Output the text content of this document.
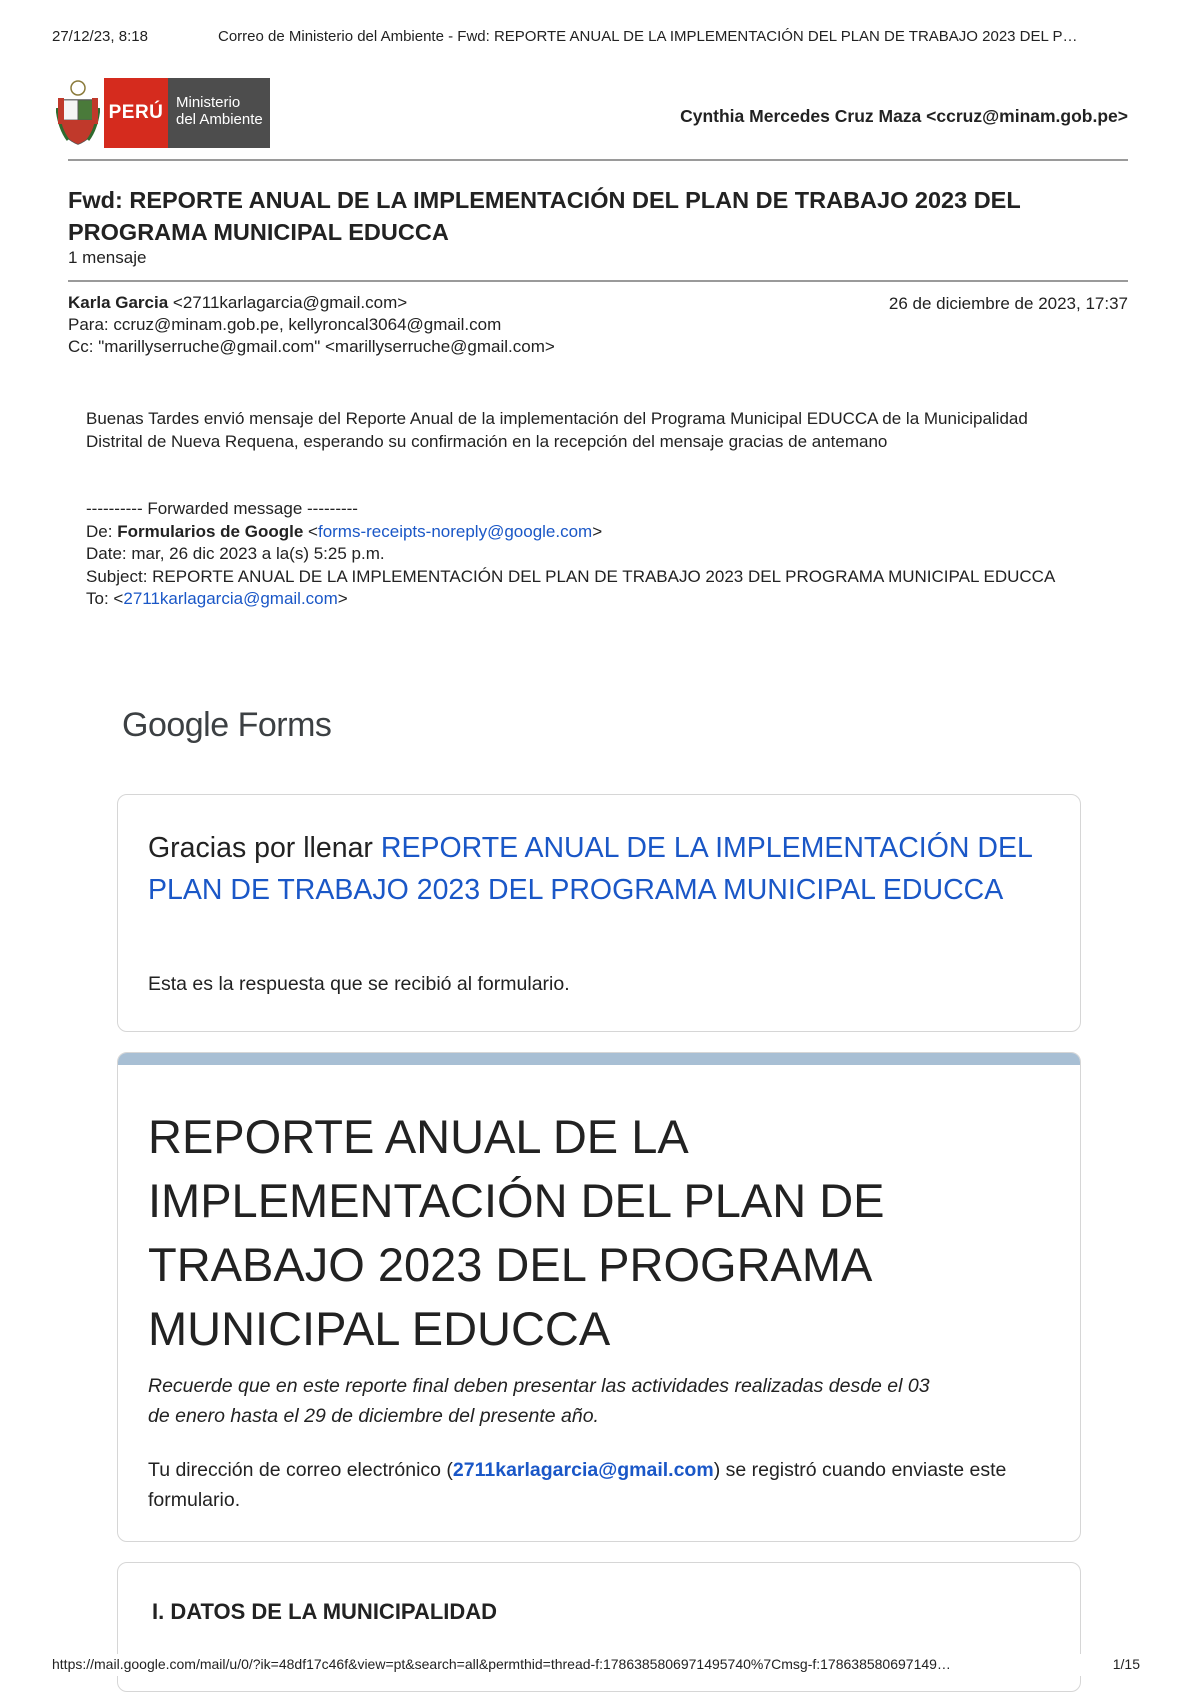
27/12/23, 8:18	Correo de Ministerio del Ambiente - Fwd: REPORTE ANUAL DE LA IMPLEMENTACIÓN DEL PLAN DE TRABAJO 2023 DEL P…
PERÚ Ministerio
del Ambiente	Cynthia Mercedes Cruz Maza <ccruz@minam.gob.pe>
Fwd: REPORTE ANUAL DE LA IMPLEMENTACIÓN DEL PLAN DE TRABAJO 2023 DEL PROGRAMA MUNICIPAL EDUCCA
1 mensaje
Karla Garcia <2711karlagarcia@gmail.com>
Para: ccruz@minam.gob.pe, kellyroncal3064@gmail.com
Cc: "marillyserruche@gmail.com" <marillyserruche@gmail.com>
26 de diciembre de 2023, 17:37
Buenas Tardes envió mensaje del Reporte Anual de la implementación del Programa Municipal EDUCCA de la Municipalidad Distrital de Nueva Requena, esperando su confirmación en la recepción del mensaje gracias de antemano
---------- Forwarded message ---------
De: Formularios de Google <forms-receipts-noreply@google.com>
Date: mar, 26 dic 2023 a la(s) 5:25 p.m.
Subject: REPORTE ANUAL DE LA IMPLEMENTACIÓN DEL PLAN DE TRABAJO 2023 DEL PROGRAMA MUNICIPAL EDUCCA
To: <2711karlagarcia@gmail.com>
Google Forms
Gracias por llenar REPORTE ANUAL DE LA IMPLEMENTACIÓN DEL PLAN DE TRABAJO 2023 DEL PROGRAMA MUNICIPAL EDUCCA
Esta es la respuesta que se recibió al formulario.
REPORTE ANUAL DE LA IMPLEMENTACIÓN DEL PLAN DE TRABAJO 2023 DEL PROGRAMA MUNICIPAL EDUCCA
Recuerde que en este reporte final deben presentar las actividades realizadas desde el 03 de enero hasta el 29 de diciembre del presente año.
Tu dirección de correo electrónico (2711karlagarcia@gmail.com) se registró cuando enviaste este formulario.
I. DATOS DE LA MUNICIPALIDAD
https://mail.google.com/mail/u/0/?ik=48df17c46f&view=pt&search=all&permthid=thread-f:1786385806971495740%7Cmsg-f:178638580697149…	1/15
